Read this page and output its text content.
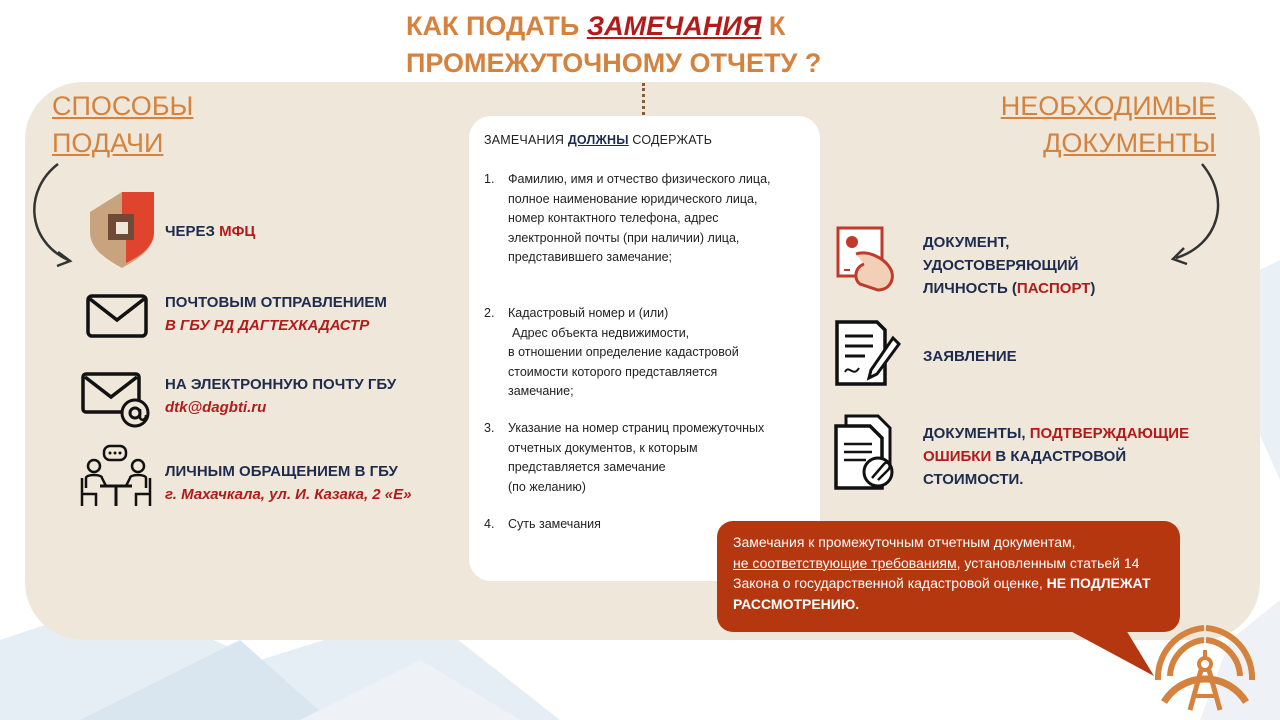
КАК ПОДАТЬ ЗАМЕЧАНИЯ К
ПРОМЕЖУТОЧНОМУ ОТЧЕТУ ?
СПОСОБЫ
ПОДАЧИ
НЕОБХОДИМЫЕ
ДОКУМЕНТЫ
ЧЕРЕЗ МФЦ
ПОЧТОВЫМ ОТПРАВЛЕНИЕМ
В ГБУ РД ДАГТЕХКАДАСТР
НА ЭЛЕКТРОННУЮ ПОЧТУ ГБУ
dtk@dagbti.ru
ЛИЧНЫМ ОБРАЩЕНИЕМ В ГБУ
г. Махачкала, ул. И. Казака, 2 «Е»
ЗАМЕЧАНИЯ ДОЛЖНЫ СОДЕРЖАТЬ
1. Фамилию, имя и отчество физического лица, полное наименование юридического лица, номер контактного телефона, адрес электронной почты (при наличии) лица, представившего замечание;
2. Кадастровый номер и (или)
Адрес объекта недвижимости,
в отношении определение кадастровой стоимости которого представляется замечание;
3. Указание на номер страниц промежуточных отчетных документов, к которым представляется замечание
(по желанию)
4. Суть замечания
ДОКУМЕНТ,
УДОСТОВЕРЯЮЩИЙ
ЛИЧНОСТЬ (ПАСПОРТ)
ЗАЯВЛЕНИЕ
ДОКУМЕНТЫ, ПОДТВЕРЖДАЮЩИЕ ОШИБКИ В КАДАСТРОВОЙ СТОИМОСТИ.

Замечания к промежуточным отчетным документам,
не соответствующие требованиям, установленным статьей 14 Закона о государственной кадастровой оценке, НЕ ПОДЛЕЖАТ РАССМОТРЕНИЮ.
